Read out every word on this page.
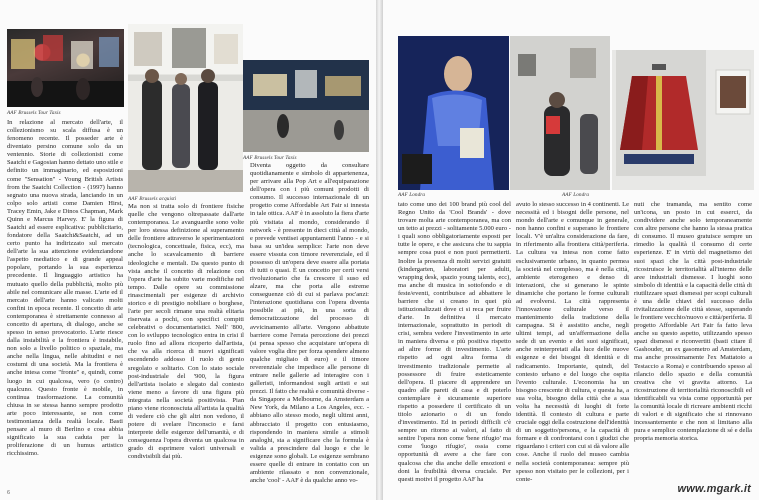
AAF Brussels Tour Taxis
AAF Brussels acquisti
AAF Brussels Tour Taxis
AAF Londra	AAF Londra

In relazione al mercato dell'arte, il collezionismo su scala diffusa è un fenomeno recente. Il posseder arte è diventato persino comune solo da un ventennio. Storie di collezionisti come Saatchi e Gagosian hanno dettato uno stile e definito un immaginario, ed esposizioni come "Sensation" - Young British Artists from the Saatchi Collection - (1997) hanno segnato una nuova strada, lanciando in un colpo solo artisti come Damien Hirst, Tracey Emin, Jake e Dinos Chapman, Mark Quinn e Marcus Harvey. E' la figura di Saatchi ad essere esplicativa: pubblicitario, fondatore della Saatchi&Saatchi, ad un certo punto ha indirizzato sul mercato dell'arte la sua attenzione evidenziandone l'aspetto mediatico e di grande appeal popolare, portando la sua esperienza precedente. Il linguaggio artistico ha mutuato quello della pubblicità, molto più abile nel comunicare alle masse. L'arte ed il mercato dell'arte hanno valicato molti confini in epoca recente. Il concetto di arte contemporanea è strettamente connesso al concetto di apertura, di dialogo, anche se spesso in senso provocatorio. L'arte riesce dalla instabilità e la frontiera è instabile, non solo a livello politico o spaziale, ma anche nella lingua, nelle abitudini e nei costumi di una società. Ma la frontiera è anche intesa come "fronte" e, quindi, come luogo in cui qualcosa, vero (o contro) qualcuno. Questo fronte è mobile, in continua trasformazione. La comunità chiusa in se stessa hanno sempre prodotto arte poco interessante, se non come testimonianza della realtà locale. Basti pensare al muro di Berlino e cosa abbia significato la sua caduta per la proliferazione di un humus artistico ricchissimo.

Ma non si tratta solo di frontiere fisiche quelle che vengono oltrepassate dall'arte contemporanea. Le avanguardie sono volte per loro stessa definizione al superamento delle frontiere attraverso le sperimentazioni (tecnologica, concettuale, fisica, ecc), ma anche lo scavalcamento di barriere ideologiche e mentali. Da questo punto di vista anche il concetto di relazione con l'opera d'arte ha subito varie modifiche nel tempo. Dalle opere su commissione rinascimentali per esigenze di archivio storico e di prestigio nobiliare o borghese, l'arte per secoli rimane una realtà elitaria riservata a pochi, con specifici compiti celebrativi o documentaristici. Nell' '800, con lo sviluppo tecnologico entra in crisi il ruolo fino ad allora ricoperto dall'artista, che va alla ricerca di nuovi significati escendendo addosso il ruolo di genio sregolato e solitario. Con lo stato sociale post-industriale del '900, la figura dell'artista isolato e slegato dal contesto viene meno a favore di una figura più integrata nella società positivista. Pian piano viene riconosciuta all'artista la qualità di vedere ciò che gli altri non vedono, il potere di svelare l'inconscio e farsi interprete delle esigenze dell'umanità, e di conseguenza l'opera diventa un qualcosa in grado di esprimere valori universali e condivisibili dai più.

Diventa oggetto da consultare quotidianamente e simbolo di appartenenza, per arrivare alla Pop Art e all'equiparazione dell'opera con i più comuni prodotti di consumo. Il successo internazionale di un progetto come Affordable Art Fair si innesta in tale ottica. AAF è in assoluto la fiera d'arte più visitata al mondo, considerando il network - è presente in dieci città al mondo, e prevede ventisei appuntamenti l'anno - e si basa su un'idea semplice: l'arte non deve essere vissuta con timore reverenziale, ed il possesso di un'opera deve essere alla portata di tutti o quasi. È un concetto per certi versi rivoluzionario che fa crescere il suso ed alzare, ma che porta alle estreme conseguenze ciò di cui si parlava poc'anzi: l'interazione quotidiana con l'opera diventa possibile ai più, in una sorta di democratizzazione del processo di avvicinamento all'arte. Vengono abbattute barriere come l'errata percezione dei prezzi (si pensa spesso che acquistare un'opera di valore voglia dire per forza spendere almeno qualche migliaio di euro) e il timore reverenziale che impedisce alle persone di entrare nelle gallerie ad interagire con i galleristi, informandosi sugli artisti e sui prezzi. Il fatto che realtà e comunità diverse - da Singapore a Melbourne, da Amsterdam a New York, da Milano a Los Angeles, ecc. - abbiano allo stesso modo, negli ultimi anni, abbracciato il progetto con entusiasmo, rispondendo in maniera simile a stimoli analoghi, sta a significare che la formula è valida a prescindere dal luogo e che le esigenze sono globali. Le esigenze sembrano essere quelle di entrare in contatto con un ambiente rilassato e non convenzionale, anche 'cool' - AAF è da qualche anno vo-

tato come uno dei 100 brand più cool del Regno Unito da 'Cool Brands' - dove trovare molta arte contemporanea, ma con un tetto ai prezzi - solitamente 5.000 euro - i quali sono obbligatoriamente esposti per tutte le opere, e che assicura che tu sappia sempre cosa puoi e non puoi permetterti. Inoltre la presenza di molti servizi gratuiti (kindergarten, laboratori per adulti, wrapping desk, spazio young talents, ecc), ma anche di musica in sottofondo e di feste/eventi, contribuisce ad abbattere le barriere che si creano in quei più istituzionalizzati dove ci si reca per fruire d'arte. In definitiva il mercato internazionale, soprattutto in periodi di crisi, sembra vedere l'investimento in arte in maniera diversa e più positiva rispetto ad altre forme di investimento. L'arte rispetto ad ogni altra forma di investimento tradizionale permette al possessore di fruire esteticamente dell'opera. Il piacere di apprendere un quadro alle pareti di casa e di poterlo contemplare è sicuramente superiore rispetto a possedere il certificato di un titolo azionario o di un fondo d'investimento. Ed in periodi difficili c'è sempre un ritorno ai valori, al fatto di sentire l'opera non come 'bene rifugio' ma come 'luogo rifugio', ossia come opportunità di avere a che fare con qualcosa che dia anche delle emozioni e doni la fruibilità diversa cruciale. Per questi motivi il progetto AAF ha

avuto lo stesso successo in 4 continenti. Le necessità ed i bisogni delle persone, nel mondo dell'arte e comunque in generale, non hanno confini e superano le frontiere locali. V'è un'altra considerazione da fare, in riferimento alla frontiera città/periferia. La cultura va intesa non come fatto esclusivamente urbano, in quanto permea la società nel complesso, ma è nella città, ambiente eterogeneo e denso di interazioni, che si generano le spinte dinamiche che portano le forme culturali ad evolversi. La città rappresenta l'innovazione culturale verso il mantenimento della tradizione della campagna. Si è assistito anche, negli ultimi tempi, ad un'affermazione della sede di un evento e dei suoi significati, anche reinterpretati alla luce delle nuove esigenze e dei bisogni di identità e di radicamento. Importante, quindi, del contesto urbano e del luogo che ospita l'evento culturale. L'economia ha un bisogno crescente di cultura, e questa ha, a sua volta, bisogno della città che a sua volta ha necessità di luoghi di forte identità. Il contesto di cultura e parte cruciale oggi della costruzione dell'identità di un soggetto/persona, e la capacità di formare e di confrontarsi con i giudizi che riguardano i criteri con cui si dà valore alle cose. Anche il ruolo del museo cambia nella società contemporanea: sempre più spesso non visitato per le collezioni, per i conte-

nuti che tramanda, ma sentito come un'icona, un posto in cui esserci, da condividere anche solo temporaneamente con altre persone che hanno la stessa pratica di consumo. Il museo gratuisce sempre un rimedio la qualità il consumo di certe esperienze. E' in virtù del magnetismo dei suoi spazi che la città post-industriale ricostruisce le territorialità all'interno delle aree industriali dismesse. I luoghi sono simbolo di identità e la capacità delle città di riutilizzare spazi dismessi per scopi culturali è una delle chiavi del successo della rivitalizzazione delle città stesse, superando le frontiere vecchio/nuovo e città/periferia. Il progetto Affordable Art Fair fa fatto leva anche su questo aspetto, utilizzando spesso spazi dismessi e riconvertiti (basti citare il Gashouder, un ex gasometro ad Amsterdam, ma anche prossimamente l'ex Mattatoio a Testaccio a Roma) e contribuendo spesso al rilancio dello spazio e della comunità creativa che vi gravita attorno. La ricostruzione di territorialità riconoscibili ed identificabili va vista come opportunità per la comunità locale di ricreare ambienti ricchi di valori e di significato che si rinnovano incessantemente e che non si limitano alla pura e semplice contemplazione di sé e della propria memoria storica.

6	www.mgark.it
